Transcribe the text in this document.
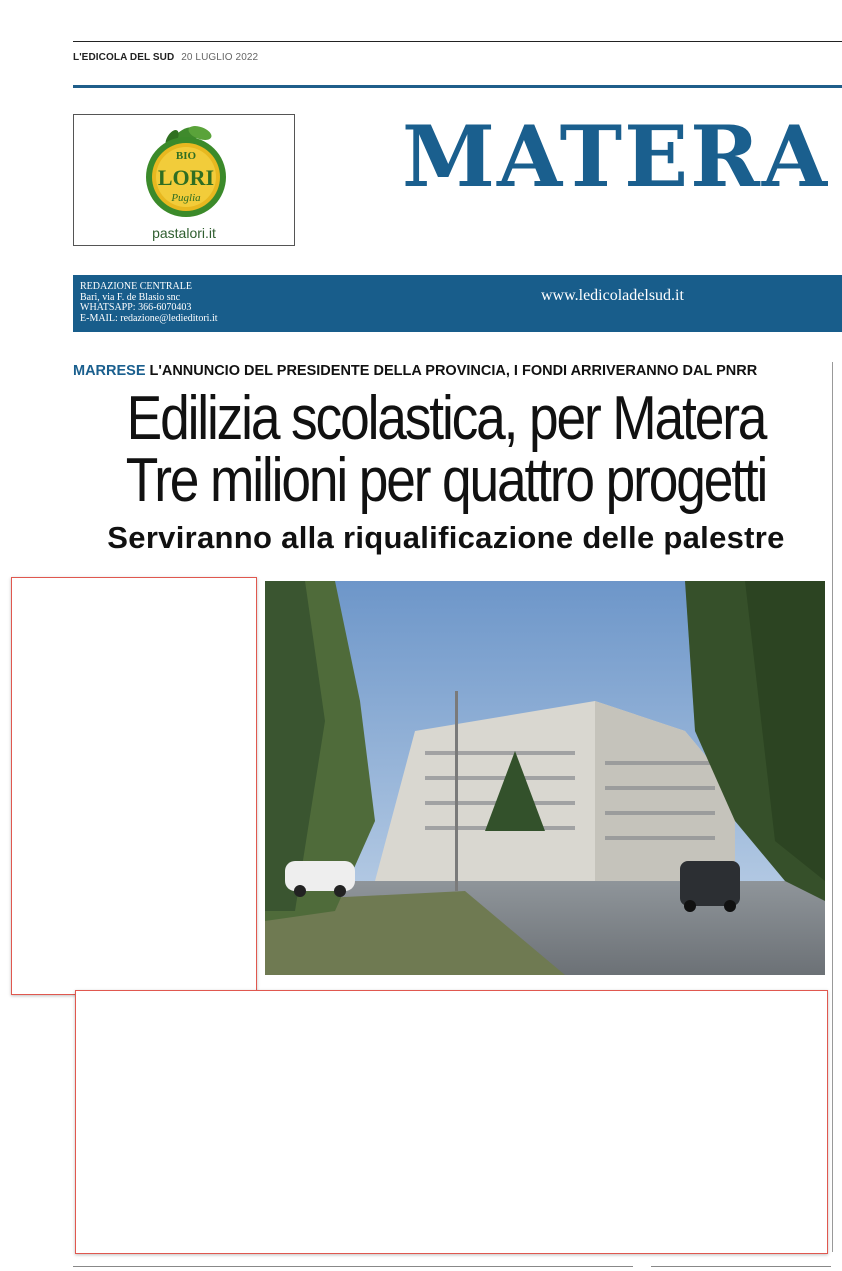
L'EDICOLA DEL SUD 20 LUGLIO 2022
BIO
LORI
Puglia
pastalori.it
MATERA
REDAZIONE CENTRALE
Bari, via F. de Blasio snc
WHATSAPP: 366-6070403
E-MAIL: redazione@ledieditori.it
www.ledicoladelsud.it
MARRESE L'ANNUNCIO DEL PRESIDENTE DELLA PROVINCIA, I FONDI ARRIVERANNO DAL PNRR
Edilizia scolastica, per Matera
Tre milioni per quattro progetti
Serviranno alla riqualificazione delle palestre
